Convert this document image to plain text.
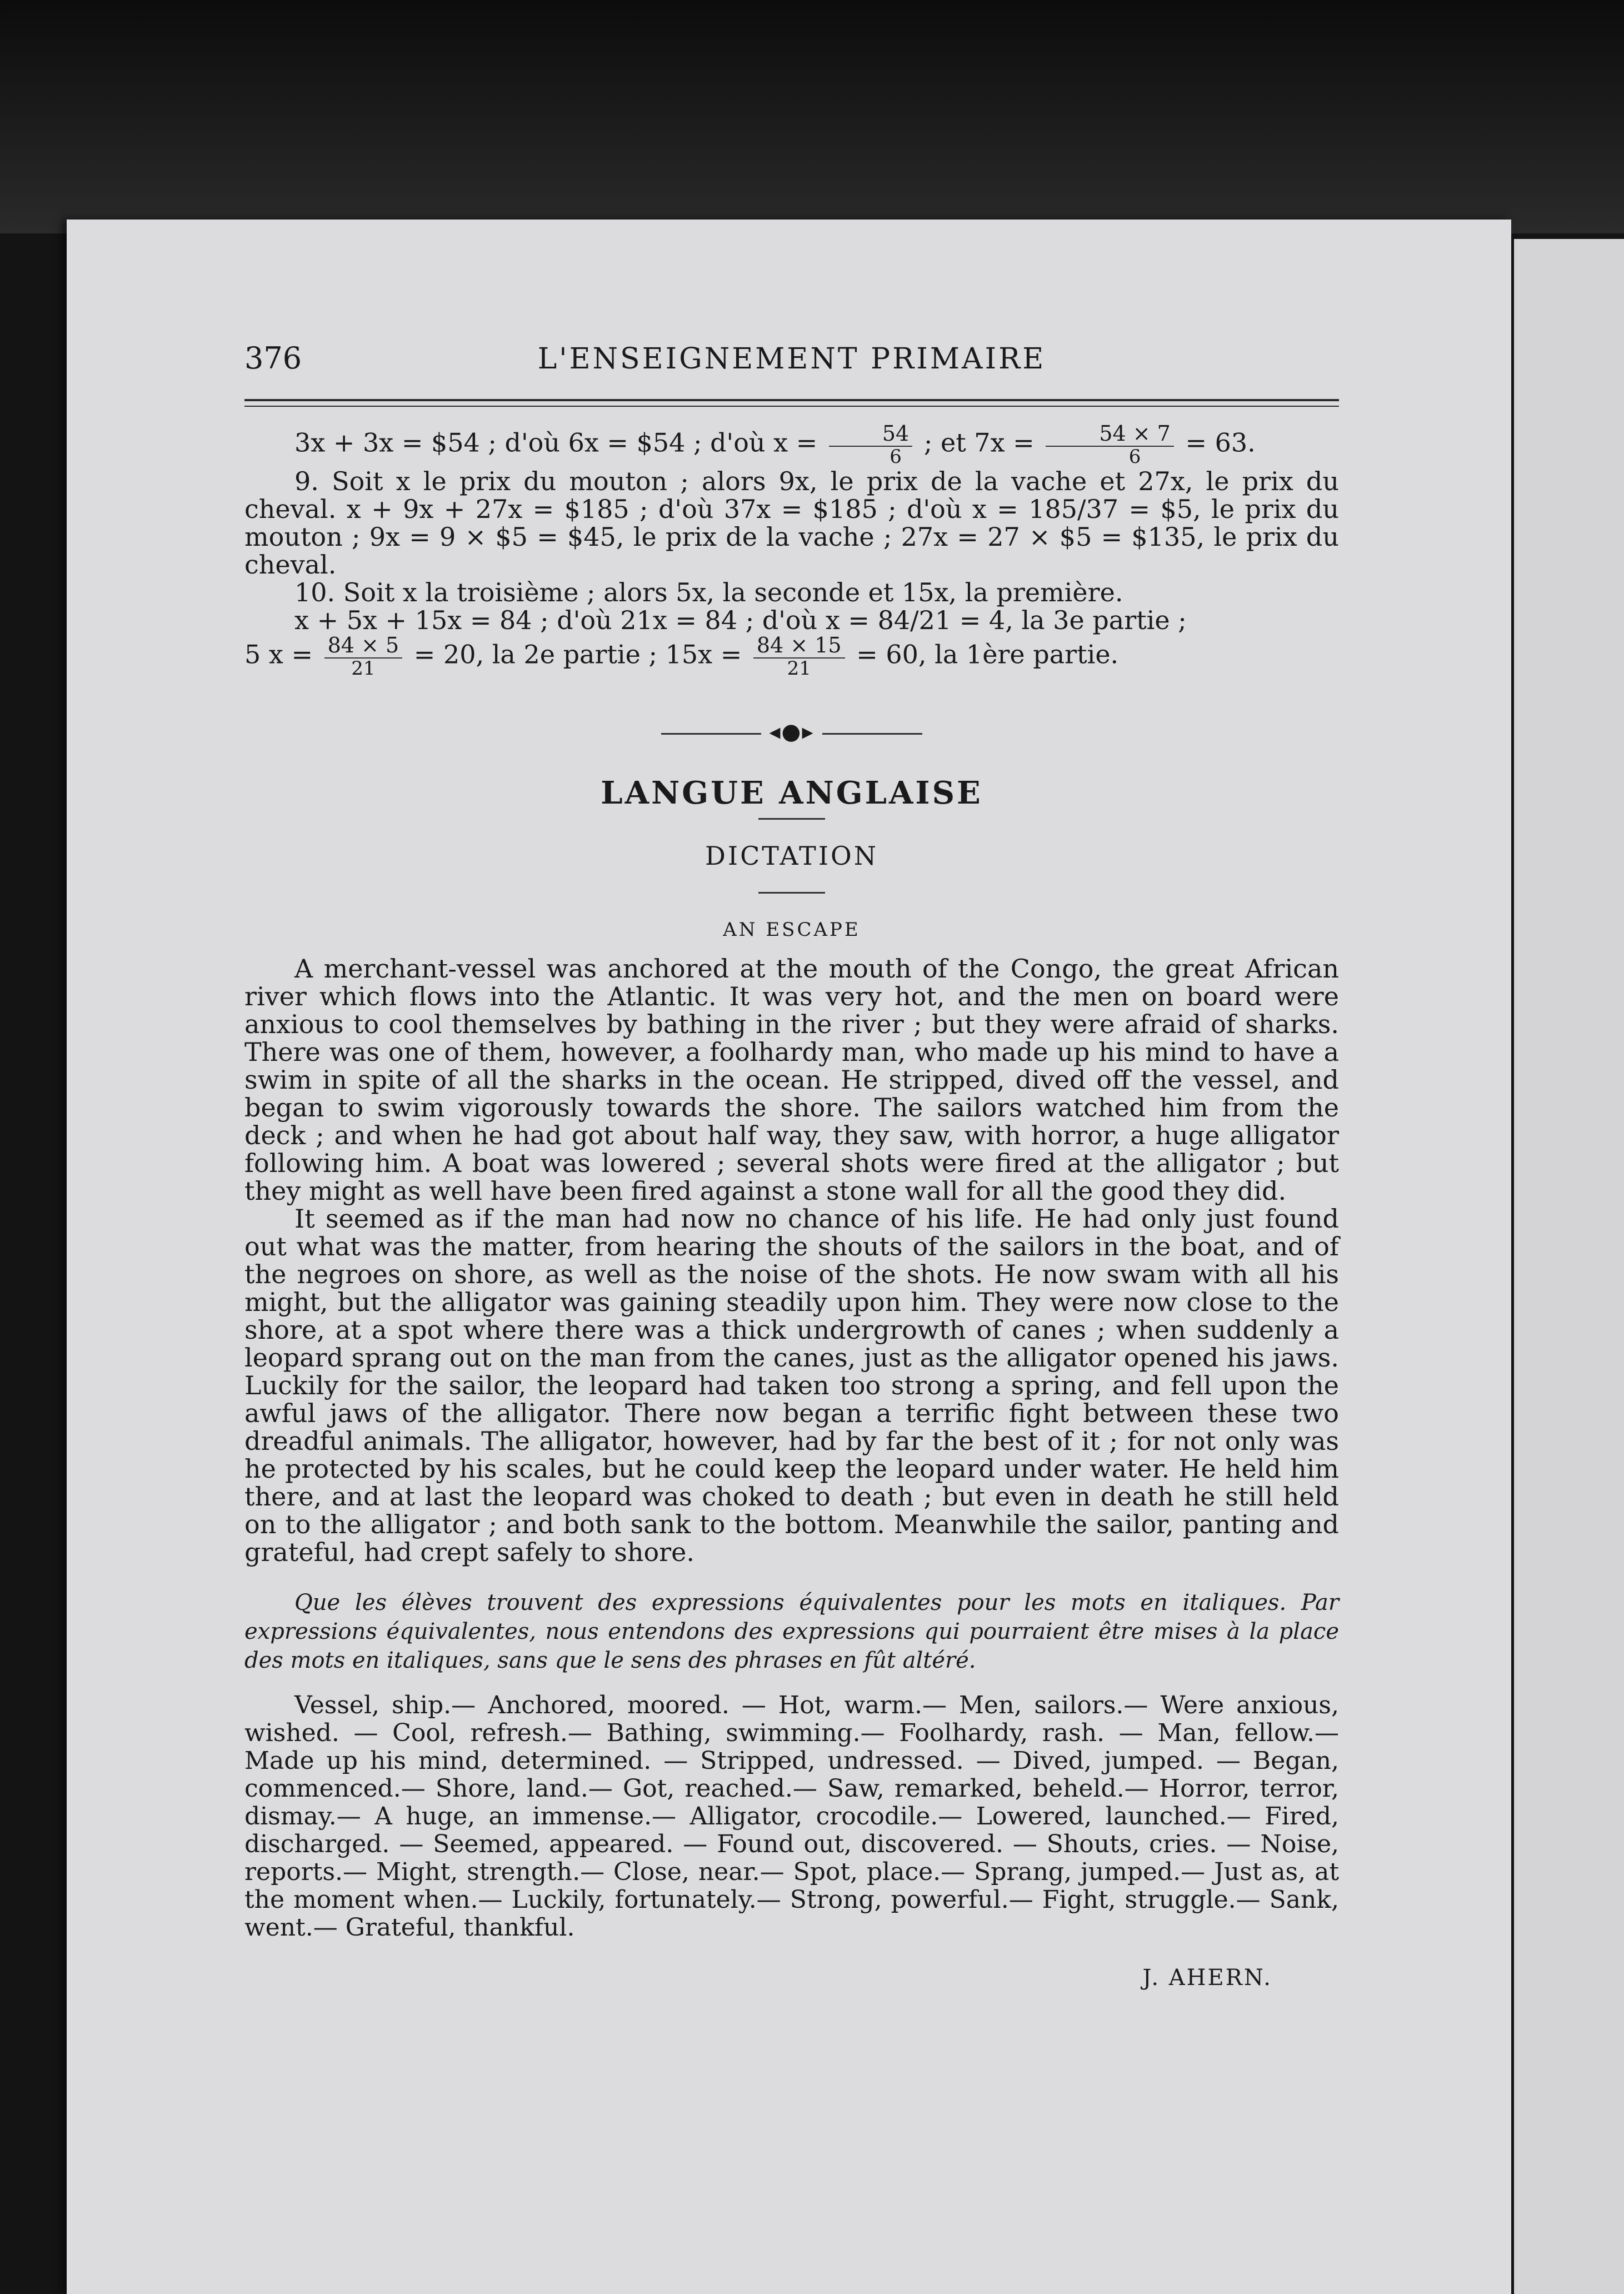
376	L'ENSEIGNEMENT PRIMAIRE
3x + 3x = $54 ; d'où 6x = $54 ; d'où $x = \frac{54}{6}$ ; et $7x = \frac{54 \times 7}{6} = 63$.

9. Soit x le prix du mouton ; alors 9x, le prix de la vache et 27x, le prix du cheval. x + 9x + 27x = $185 ; d'où 37x = $185 ; d'où x = 185/37 = $5, le prix du mouton ; 9x = 9 × $5 = $45, le prix de la vache ; 27x = 27 × $5 = $135, le prix du cheval.

10. Soit x la troisième ; alors 5x, la seconde et 15x, la première.

x + 5x + 15x = 84 ; d'où 21x = 84 ; d'où x = 84/21 = 4, la 3e partie ;

5 $x = \frac{84 \times 5}{21} = 20$, la 2e partie ; $15x = \frac{84 \times 15}{21} = 60$, la 1ère partie.
◂●▸
LANGUE ANGLAISE
DICTATION
AN ESCAPE

A merchant-vessel was anchored at the mouth of the Congo, the great African river which flows into the Atlantic. It was very hot, and the men on board were anxious to cool themselves by bathing in the river ; but they were afraid of sharks. There was one of them, however, a foolhardy man, who made up his mind to have a swim in spite of all the sharks in the ocean. He stripped, dived off the vessel, and began to swim vigorously towards the shore. The sailors watched him from the deck ; and when he had got about half way, they saw, with horror, a huge alligator following him. A boat was lowered ; several shots were fired at the alligator ; but they might as well have been fired against a stone wall for all the good they did.

It seemed as if the man had now no chance of his life. He had only just found out what was the matter, from hearing the shouts of the sailors in the boat, and of the negroes on shore, as well as the noise of the shots. He now swam with all his might, but the alligator was gaining steadily upon him. They were now close to the shore, at a spot where there was a thick undergrowth of canes ; when suddenly a leopard sprang out on the man from the canes, just as the alligator opened his jaws. Luckily for the sailor, the leopard had taken too strong a spring, and fell upon the awful jaws of the alligator. There now began a terrific fight between these two dreadful animals. The alligator, however, had by far the best of it ; for not only was he protected by his scales, but he could keep the leopard under water. He held him there, and at last the leopard was choked to death ; but even in death he still held on to the alligator ; and both sank to the bottom. Meanwhile the sailor, panting and grateful, had crept safely to shore.

Que les élèves trouvent des expressions équivalentes pour les mots en italiques. Par expressions équivalentes, nous entendons des expressions qui pourraient être mises à la place des mots en italiques, sans que le sens des phrases en fût altéré.

Vessel, ship.— Anchored, moored. — Hot, warm.— Men, sailors.— Were anxious, wished. — Cool, refresh.— Bathing, swimming.— Foolhardy, rash. — Man, fellow.— Made up his mind, determined. — Stripped, undressed. — Dived, jumped. — Began, commenced.— Shore, land.— Got, reached.— Saw, remarked, beheld.— Horror, terror, dismay.— A huge, an immense.— Alligator, crocodile.— Lowered, launched.— Fired, discharged. — Seemed, appeared. — Found out, discovered. — Shouts, cries. — Noise, reports.— Might, strength.— Close, near.— Spot, place.— Sprang, jumped.— Just as, at the moment when.— Luckily, fortunately.— Strong, powerful.— Fight, struggle.— Sank, went.— Grateful, thankful.

J. AHERN.
